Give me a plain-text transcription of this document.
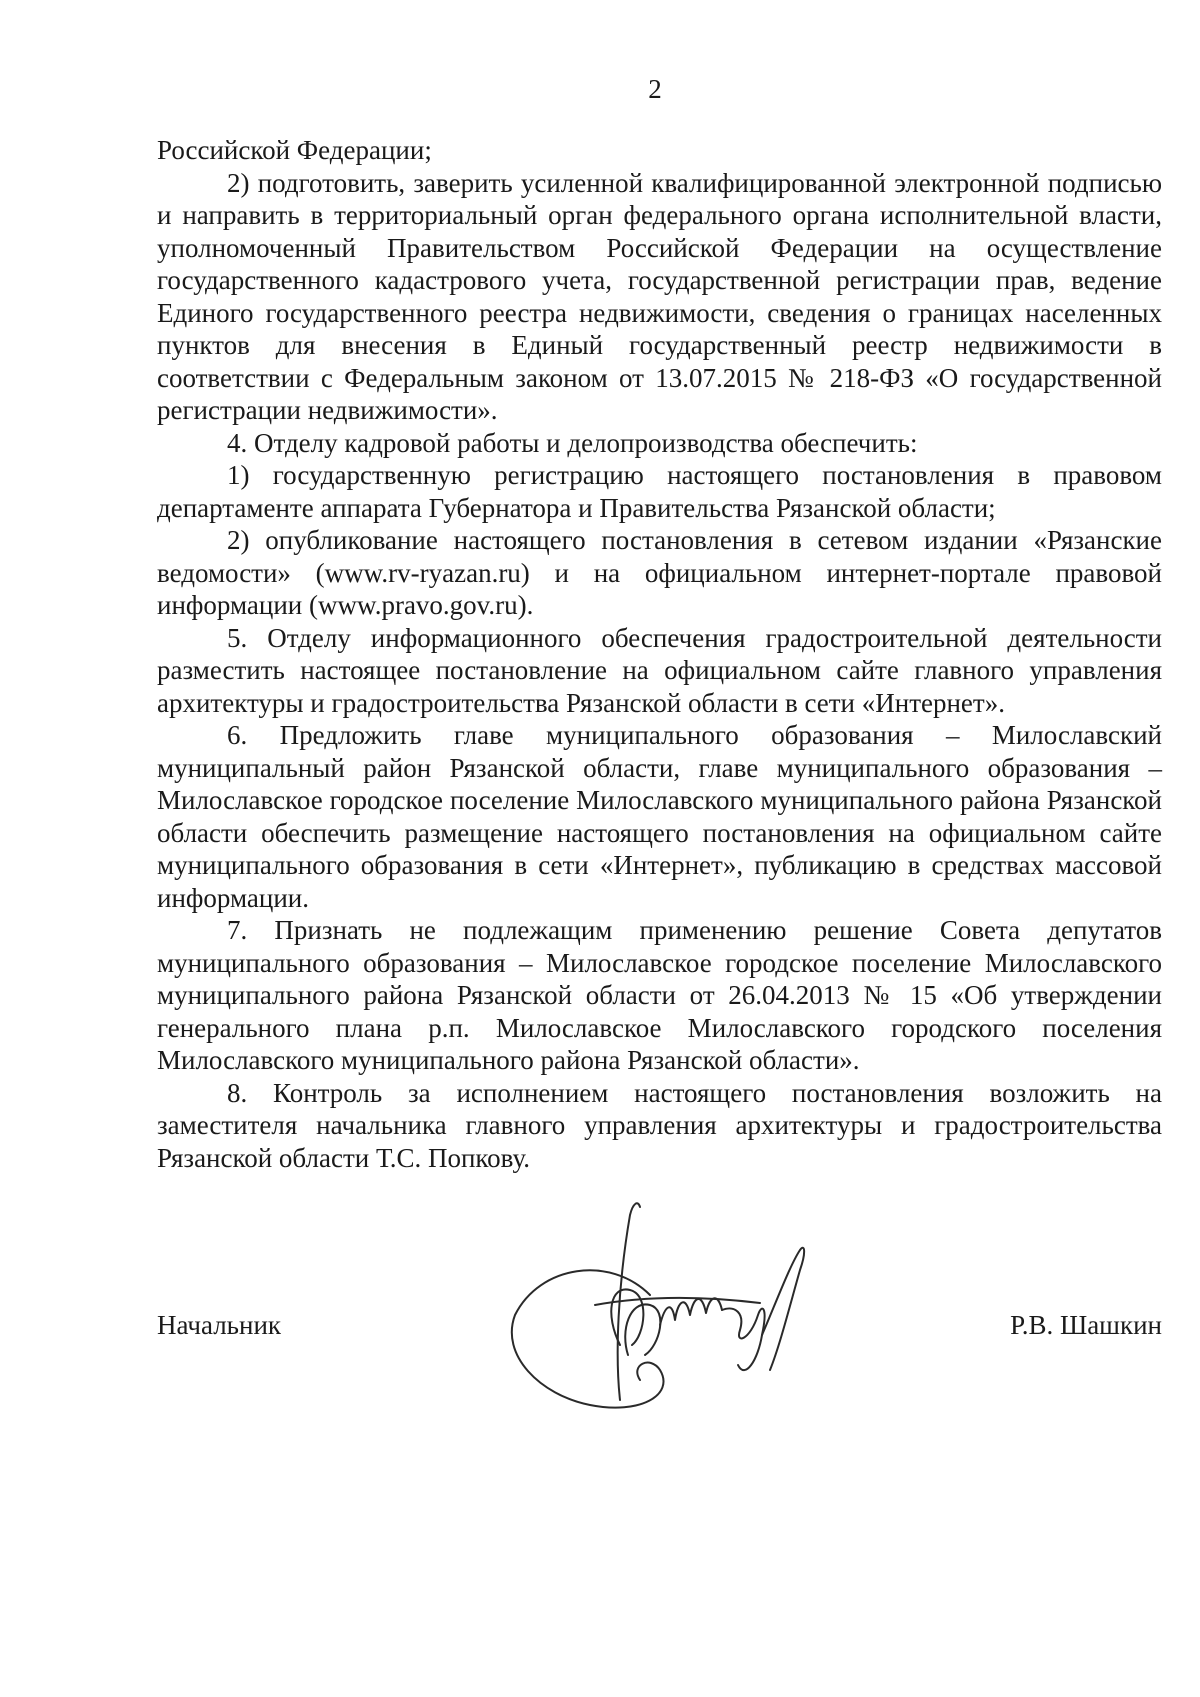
2

Российской Федерации;

2) подготовить, заверить усиленной квалифицированной электронной подписью и направить в территориальный орган федерального органа исполнительной власти, уполномоченный Правительством Российской Федерации на осуществление государственного кадастрового учета, государственной регистрации прав, ведение Единого государственного реестра недвижимости, сведения о границах населенных пунктов для внесения в Единый государственный реестр недвижимости в соответствии с Федеральным законом от 13.07.2015 № 218-ФЗ «О государственной регистрации недвижимости».

4. Отделу кадровой работы и делопроизводства обеспечить:

1) государственную регистрацию настоящего постановления в правовом департаменте аппарата Губернатора и Правительства Рязанской области;

2) опубликование настоящего постановления в сетевом издании «Рязанские ведомости» (www.rv-ryazan.ru) и на официальном интернет-портале правовой информации (www.pravo.gov.ru).

5. Отделу информационного обеспечения градостроительной деятельности разместить настоящее постановление на официальном сайте главного управления архитектуры и градостроительства Рязанской области в сети «Интернет».

6. Предложить главе муниципального образования – Милославский муниципальный район Рязанской области, главе муниципального образования – Милославское городское поселение Милославского муниципального района Рязанской области обеспечить размещение настоящего постановления на официальном сайте муниципального образования в сети «Интернет», публикацию в средствах массовой информации.

7. Признать не подлежащим применению решение Совета депутатов муниципального образования – Милославское городское поселение Милославского муниципального района Рязанской области от 26.04.2013 № 15 «Об утверждении генерального плана р.п. Милославское Милославского городского поселения Милославского муниципального района Рязанской области».

8. Контроль за исполнением настоящего постановления возложить на заместителя начальника главного управления архитектуры и градостроительства Рязанской области Т.С. Попкову.

Начальник	Р.В. Шашкин
